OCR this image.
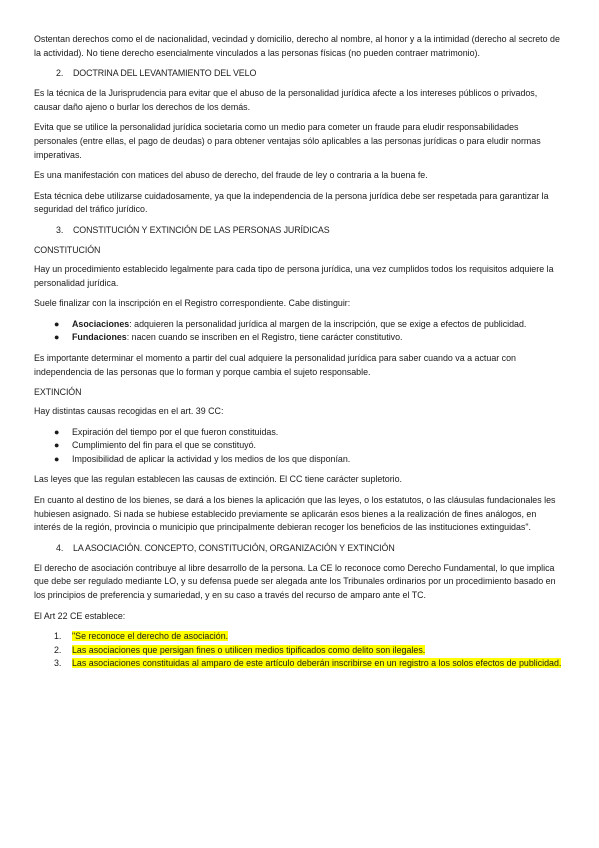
Ostentan derechos como el de nacionalidad, vecindad y domicilio, derecho al nombre, al honor y a la intimidad (derecho al secreto de la actividad). No tiene derecho esencialmente vinculados a las personas físicas (no pueden contraer matrimonio).

2. DOCTRINA DEL LEVANTAMIENTO DEL VELO

Es la técnica de la Jurisprudencia para evitar que el abuso de la personalidad jurídica afecte a los intereses públicos o privados, causar daño ajeno o burlar los derechos de los demás.

Evita que se utilice la personalidad jurídica societaria como un medio para cometer un fraude para eludir responsabilidades personales (entre ellas, el pago de deudas) o para obtener ventajas sólo aplicables a las personas jurídicas o para eludir normas imperativas.

Es una manifestación con matices del abuso de derecho, del fraude de ley o contraria a la buena fe.

Esta técnica debe utilizarse cuidadosamente, ya que la independencia de la persona jurídica debe ser respetada para garantizar la seguridad del tráfico jurídico.

3. CONSTITUCIÓN Y EXTINCIÓN DE LAS PERSONAS JURÍDICAS
CONSTITUCIÓN

Hay un procedimiento establecido legalmente para cada tipo de persona jurídica, una vez cumplidos todos los requisitos adquiere la personalidad jurídica.

Suele finalizar con la inscripción en el Registro correspondiente. Cabe distinguir:

● Asociaciones: adquieren la personalidad jurídica al margen de la inscripción, que se exige a efectos de publicidad.
● Fundaciones: nacen cuando se inscriben en el Registro, tiene carácter constitutivo.

Es importante determinar el momento a partir del cual adquiere la personalidad jurídica para saber cuando va a actuar con independencia de las personas que lo forman y porque cambia el sujeto responsable.

EXTINCIÓN

Hay distintas causas recogidas en el art. 39 CC:

● Expiración del tiempo por el que fueron constituidas.
● Cumplimiento del fin para el que se constituyó.
● Imposibilidad de aplicar la actividad y los medios de los que disponían.

Las leyes que las regulan establecen las causas de extinción. El CC tiene carácter supletorio.

En cuanto al destino de los bienes, se dará a los bienes la aplicación que las leyes, o los estatutos, o las cláusulas fundacionales les hubiesen asignado. Si nada se hubiese establecido previamente se aplicarán esos bienes a la realización de fines análogos, en interés de la región, provincia o municipio que principalmente debieran recoger los beneficios de las instituciones extinguidas".

4. LA ASOCIACIÓN. CONCEPTO, CONSTITUCIÓN, ORGANIZACIÓN Y EXTINCIÓN

El derecho de asociación contribuye al libre desarrollo de la persona. La CE lo reconoce como Derecho Fundamental, lo que implica que debe ser regulado mediante LO, y su defensa puede ser alegada ante los Tribunales ordinarios por un procedimiento basado en los principios de preferencia y sumariedad, y en su caso a través del recurso de amparo ante el TC.

El Art 22 CE establece:

1. "Se reconoce el derecho de asociación.
2. Las asociaciones que persigan fines o utilicen medios tipificados como delito son ilegales.
3. Las asociaciones constituidas al amparo de este artículo deberán inscribirse en un registro a los solos efectos de publicidad.
